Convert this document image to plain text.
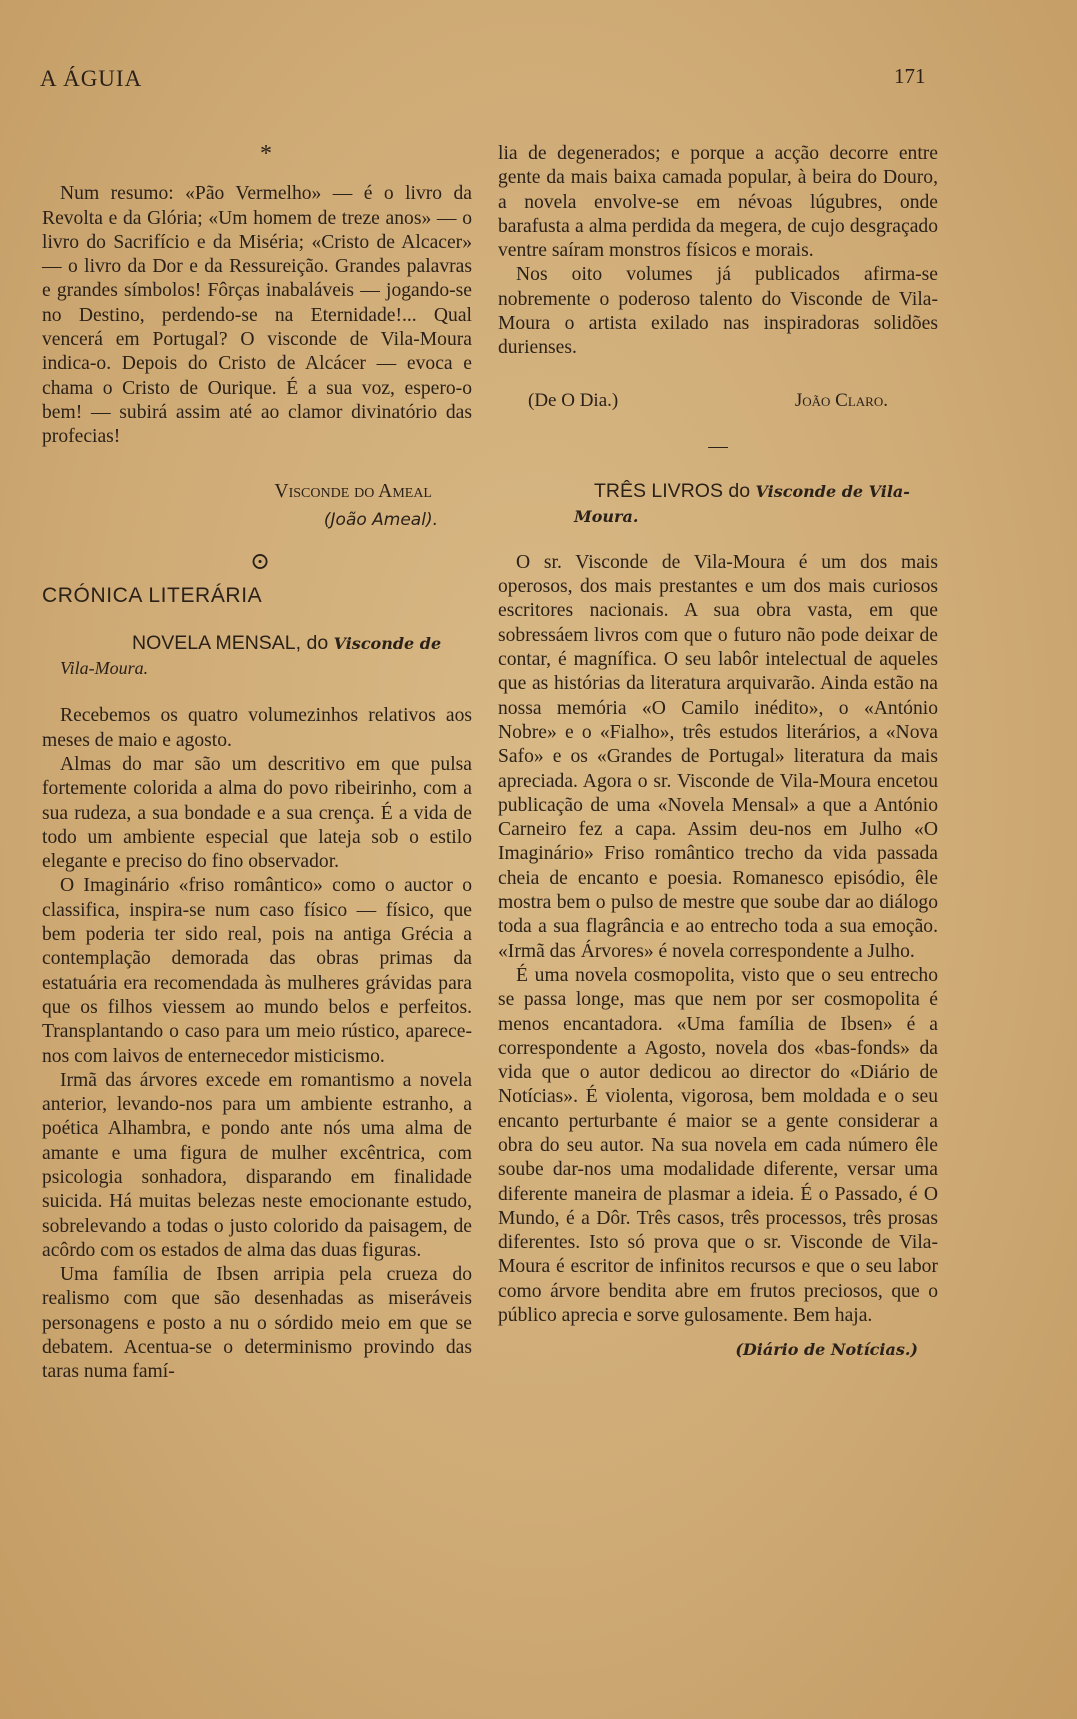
A ÁGUIA	171
*

Num resumo: «Pão Vermelho» — é o livro da Revolta e da Glória; «Um homem de treze anos» — o livro do Sacrifício e da Miséria; «Cristo de Alcacer» — o livro da Dor e da Ressureição. Grandes palavras e grandes símbolos! Fôrças inabaláveis — jogando-se no Destino, perdendo-se na Eternidade!... Qual vencerá em Portugal? O visconde de Vila-Moura indica-o. Depois do Cristo de Alcácer — evoca e chama o Cristo de Ourique. É a sua voz, espero-o bem! — subirá assim até ao clamor divinatório das profecias!

Visconde do Ameal
(João Ameal).
⊙
CRÓNICA LITERÁRIA
NOVELA MENSAL, do Visconde de
Vila-Moura.

Recebemos os quatro volumezinhos relativos aos meses de maio e agosto.

Almas do mar são um descritivo em que pulsa fortemente colorida a alma do povo ribeirinho, com a sua rudeza, a sua bondade e a sua crença. É a vida de todo um ambiente especial que lateja sob o estilo elegante e preciso do fino observador.

O Imaginário «friso romântico» como o auctor o classifica, inspira-se num caso físico — físico, que bem poderia ter sido real, pois na antiga Grécia a contemplação demorada das obras primas da estatuária era recomendada às mulheres grávidas para que os filhos viessem ao mundo belos e perfeitos. Transplantando o caso para um meio rústico, aparece-nos com laivos de enternecedor misticismo.

Irmã das árvores excede em romantismo a novela anterior, levando-nos para um ambiente estranho, a poética Alhambra, e pondo ante nós uma alma de amante e uma figura de mulher excêntrica, com psicologia sonhadora, disparando em finalidade suicida. Há muitas belezas neste emocionante estudo, sobrelevando a todas o justo colorido da paisagem, de acôrdo com os estados de alma das duas figuras.

Uma família de Ibsen arripia pela crueza do realismo com que são desenhadas as miseráveis personagens e posto a nu o sórdido meio em que se debatem. Acentua-se o determinismo provindo das taras numa famí-

lia de degenerados; e porque a acção decorre entre gente da mais baixa camada popular, à beira do Douro, a novela envolve-se em névoas lúgubres, onde barafusta a alma perdida da megera, de cujo desgraçado ventre saíram monstros físicos e morais.

Nos oito volumes já publicados afirma-se nobremente o poderoso talento do Visconde de Vila-Moura o artista exilado nas inspiradoras solidões durienses.

(De O Dia.)	João Claro.
—
TRÊS LIVROS do Visconde de Vila-
Moura.

O sr. Visconde de Vila-Moura é um dos mais operosos, dos mais prestantes e um dos mais curiosos escritores nacionais. A sua obra vasta, em que sobressáem livros com que o futuro não pode deixar de contar, é magnífica. O seu labôr intelectual de aqueles que as histórias da literatura arquivarão. Ainda estão na nossa memória «O Camilo inédito», o «António Nobre» e o «Fialho», três estudos literários, a «Nova Safo» e os «Grandes de Portugal» literatura da mais apreciada. Agora o sr. Visconde de Vila-Moura encetou publicação de uma «Novela Mensal» a que a António Carneiro fez a capa. Assim deu-nos em Julho «O Imaginário» Friso romântico trecho da vida passada cheia de encanto e poesia. Romanesco episódio, êle mostra bem o pulso de mestre que soube dar ao diálogo toda a sua flagrância e ao entrecho toda a sua emoção. «Irmã das Árvores» é novela correspondente a Julho.

É uma novela cosmopolita, visto que o seu entrecho se passa longe, mas que nem por ser cosmopolita é menos encantadora. «Uma família de Ibsen» é a correspondente a Agosto, novela dos «bas-fonds» da vida que o autor dedicou ao director do «Diário de Notícias». É violenta, vigorosa, bem moldada e o seu encanto perturbante é maior se a gente considerar a obra do seu autor. Na sua novela em cada número êle soube dar-nos uma modalidade diferente, versar uma diferente maneira de plasmar a ideia. É o Passado, é O Mundo, é a Dôr. Três casos, três processos, três prosas diferentes. Isto só prova que o sr. Visconde de Vila-Moura é escritor de infinitos recursos e que o seu labor como árvore bendita abre em frutos preciosos, que o público aprecia e sorve gulosamente. Bem haja.

(Diário de Notícias.)
